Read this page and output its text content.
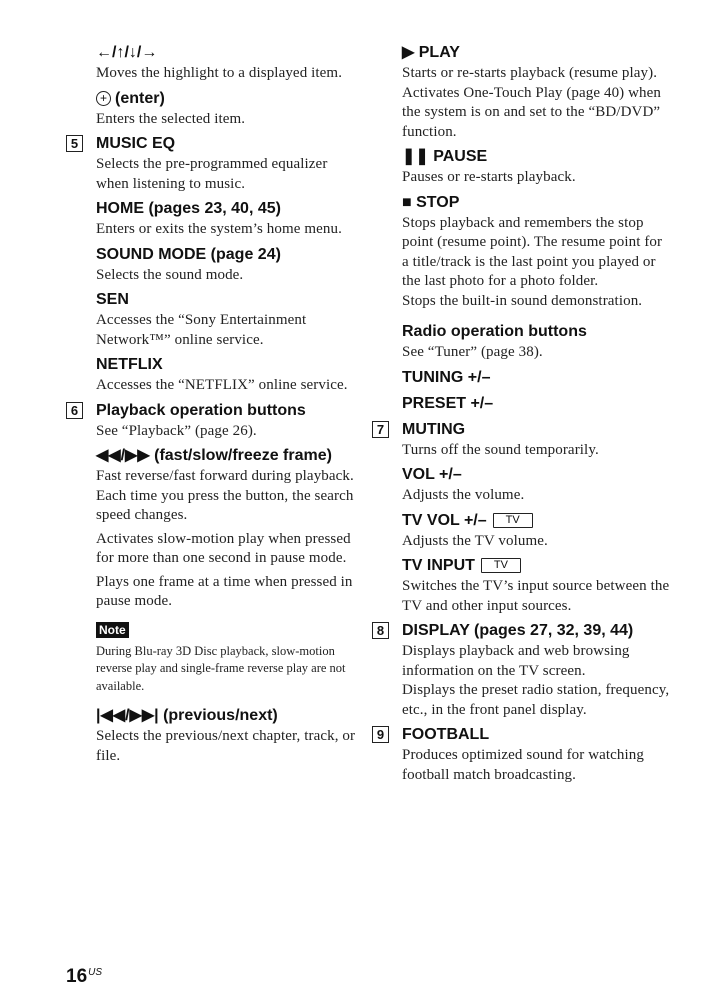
←/↑/↓/→

Moves the highlight to a displayed item.

+ (enter)

Enters the selected item.

5	MUSIC EQ

Selects the pre-programmed equalizer when listening to music.

HOME (pages 23, 40, 45)

Enters or exits the system’s home menu.

SOUND MODE (page 24)

Selects the sound mode.

SEN

Accesses the “Sony Entertainment Network™” online service.

NETFLIX

Accesses the “NETFLIX” online service.

6	Playback operation buttons

See “Playback” (page 26).

◀◀/▶▶ (fast/slow/freeze frame)

Fast reverse/fast forward during playback. Each time you press the button, the search speed changes.

Activates slow-motion play when pressed for more than one second in pause mode.

Plays one frame at a time when pressed in pause mode.

Note

During Blu-ray 3D Disc playback, slow-motion reverse play and single-frame reverse play are not available.

|◀◀/▶▶| (previous/next)

Selects the previous/next chapter, track, or file.

▶ PLAY

Starts or re-starts playback (resume play).

Activates One-Touch Play (page 40) when the system is on and set to the “BD/DVD” function.

❚❚ PAUSE

Pauses or re-starts playback.

■ STOP

Stops playback and remembers the stop point (resume point). The resume point for a title/track is the last point you played or the last photo for a photo folder.

Stops the built-in sound demonstration.

Radio operation buttons

See “Tuner” (page 38).

TUNING +/–

PRESET +/–

7	MUTING

Turns off the sound temporarily.

VOL +/–

Adjusts the volume.

TV VOL +/– TV

Adjusts the TV volume.

TV INPUT TV

Switches the TV’s input source between the TV and other input sources.

8	DISPLAY (pages 27, 32, 39, 44)

Displays playback and web browsing information on the TV screen.

Displays the preset radio station, frequency, etc., in the front panel display.

9	FOOTBALL

Produces optimized sound for watching football match broadcasting.

$16^{US}$
